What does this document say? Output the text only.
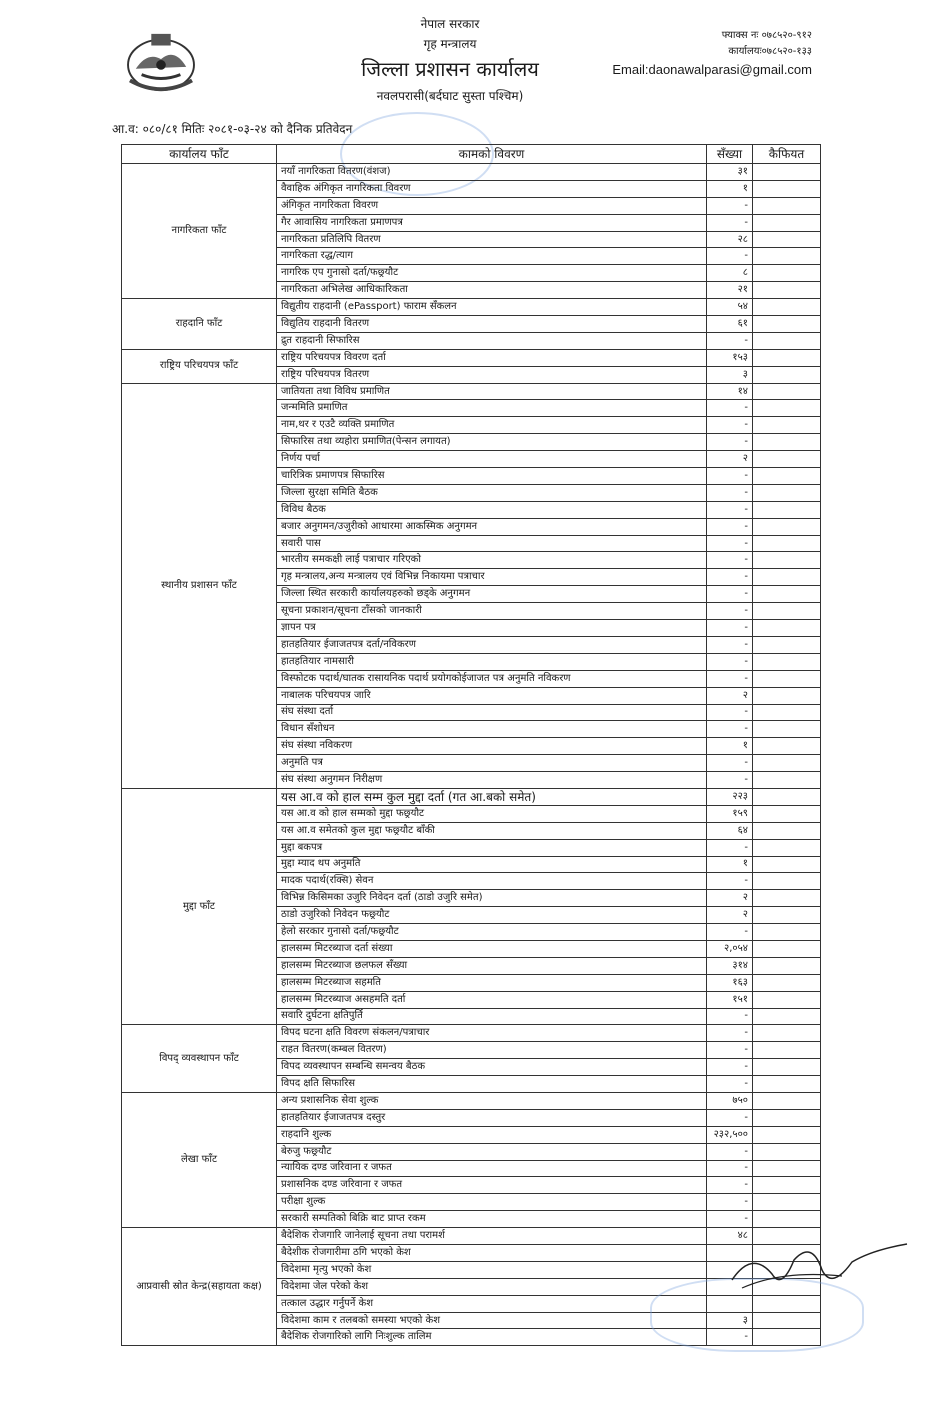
नेपाल सरकार
गृह मन्त्रालय
जिल्ला प्रशासन कार्यालय
नवलपरासी(बर्दघाट सुस्ता पश्चिम)
फ्याक्स नः ०७८५२०-९१२
कार्यालयः०७८५२०-१३३
Email:daonawalparasi@gmail.com
आ.व: ०८०/८१ मितिः २०८१-०३-२४ को दैनिक प्रतिवेदन
कार्यालय फाँट	कामको विवरण	सँख्या	कैफियत
नागरिकता फाँट	नयाँ नागरिकता वितरण(वंशज)	३१	
	वैवाहिक अंगिकृत नागरिकता विवरण	१	
	अंगिकृत नागरिकता विवरण	-	
	गैर आवासिय नागरिकता प्रमाणपत्र	-	
	नागरिकता प्रतिलिपि वितरण	२८	
	नागरिकता रद्ध/त्याग	-	
	नागरिक एप गुनासो दर्ता/फछ्र्यौट	८	
	नागरिकता अभिलेख आधिकारिकता	२१	
राहदानि फाँट	विद्युतीय राहदानी (ePassport) फाराम सँकलन	५४	
	विद्युतिय राहदानी वितरण	६१	
	द्रुत राहदानी सिफारिस	-	
राष्ट्रिय परिचयपत्र फाँट	राष्ट्रिय परिचयपत्र विवरण दर्ता	१५३	
	राष्ट्रिय परिचयपत्र वितरण	३	
स्थानीय प्रशासन फाँट	जातियता तथा विविध प्रमाणित	१४	
	जन्ममिति प्रमाणित	-	
	नाम,थर र एउटै व्यक्ति प्रमाणित	-	
	सिफारिस तथा व्यहोरा प्रमाणित(पेन्सन लगायत)	-	
	निर्णय पर्चा	२	
	चारित्रिक प्रमाणपत्र सिफारिस	-	
	जिल्ला सुरक्षा समिति बैठक	-	
	विविध बैठक	-	
	बजार अनुगमन/उजुरीको आधारमा आकस्मिक अनुगमन	-	
	सवारी पास	-	
	भारतीय समकक्षी लाई पत्राचार गरिएको	-	
	गृह मन्त्रालय,अन्य मन्त्रालय एवं विभिन्न निकायमा पत्राचार	-	
	जिल्ला स्थित सरकारी कार्यालयहरुको छड्के अनुगमन	-	
	सूचना प्रकाशन/सूचना टाँसको जानकारी	-	
	ज्ञापन पत्र	-	
	हातहतियार ईजाजतपत्र दर्ता/नविकरण	-	
	हातहतियार नामसारी	-	
	विस्फोटक पदार्थ/घातक रासायनिक पदार्थ प्रयोगकोईजाजत पत्र अनुमति नविकरण	-	
	नाबालक परिचयपत्र जारि	२	
	संघ संस्था दर्ता	-	
	विधान सँशोधन	-	
	संघ संस्था नविकरण	१	
	अनुमति पत्र	-	
	संघ संस्था अनुगमन निरीक्षण	-	
मुद्दा फाँट	यस आ.व को हाल सम्म कुल मुद्दा दर्ता (गत आ.बको समेत)	२२३	
	यस आ.व को हाल सम्मको मुद्दा फछ्र्यौट	१५९	
	यस आ.व समेतको कुल मुद्दा फछ्र्यौट बाँकी	६४	
	मुद्दा बकपत्र	-	
	मुद्दा म्याद थप अनुमति	१	
	मादक पदार्थ(रक्सि) सेवन	-	
	विभिन्न किसिमका उजुरि निवेदन दर्ता (ठाडो उजुरि समेत)	२	
	ठाडो उजुरिको निवेदन फछ्र्यौट	२	
	हेलो सरकार गुनासो दर्ता/फछ्र्यौट	-	
	हालसम्म मिटरब्याज दर्ता संख्या	२,०५४	
	हालसम्म मिटरब्याज छलफल सँख्या	३१४	
	हालसम्म मिटरब्याज सहमति	१६३	
	हालसम्म मिटरब्याज असहमति दर्ता	१५१	
	सवारि दुर्घटना क्षतिपुर्ति	-	
विपद् व्यवस्थापन फाँट	विपद घटना क्षति विवरण संकलन/पत्राचार	-	
	राहत वितरण(कम्बल वितरण)	-	
	विपद व्यवस्थापन सम्बन्धि समन्वय बैठक	-	
	विपद क्षति सिफारिस	-	
लेखा फाँट	अन्य प्रशासनिक सेवा शुल्क	७५०	
	हातहतियार ईजाजतपत्र दस्तुर	-	
	राहदानि शुल्क	२३२,५००	
	बेरुजु फछ्र्यौट	-	
	न्यायिक दण्ड जरिवाना र जफत	-	
	प्रशासनिक दण्ड जरिवाना र जफत	-	
	परीक्षा शुल्क	-	
	सरकारी सम्पतिको बिक्रि बाट प्राप्त रकम	-	
आप्रवासी स्रोत केन्द्र(सहायता कक्ष)	बैदेशिक रोजगारि जानेलाई सूचना तथा परामर्श	४८	
	बैदेशीक रोजगारीमा ठगि भएको केश		
	विदेशमा मृत्यु भएको केश		
	विदेशमा जेल परेको केश		
	तत्काल उद्धार गर्नुपर्ने केश		
	विदेशमा काम र तलबको समस्या भएको केश	३	
	बैदेशिक रोजगारिको लागि निःशुल्क तालिम	-	
